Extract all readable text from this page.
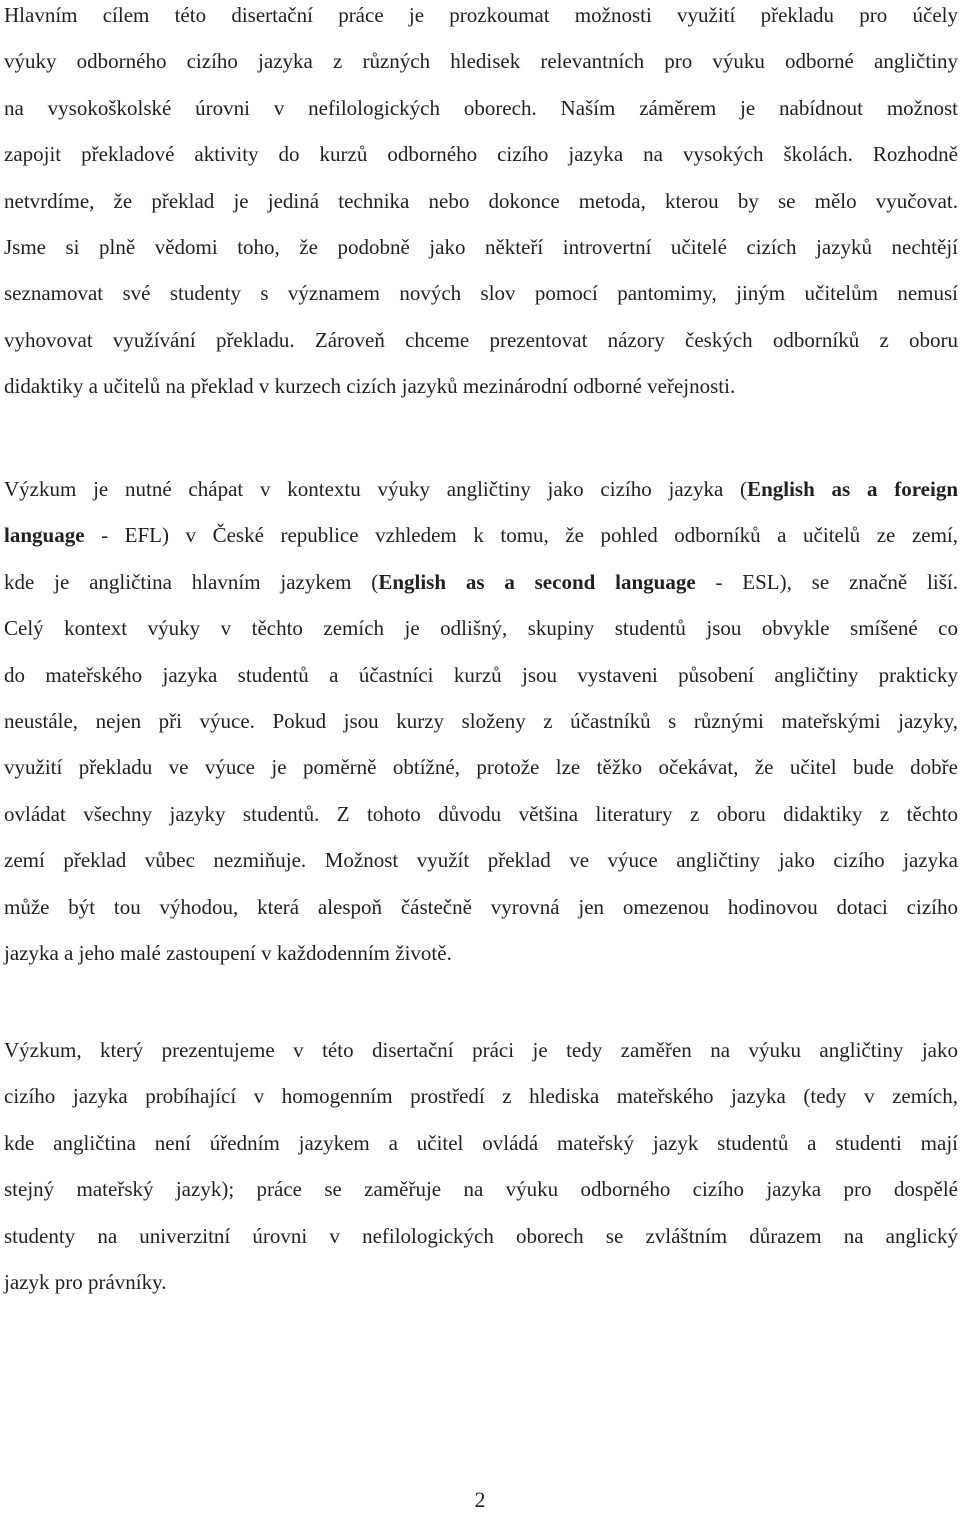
Hlavním cílem této disertační práce je prozkoumat možnosti využití překladu pro účely
výuky odborného cizího jazyka z různých hledisek relevantních pro výuku odborné angličtiny
na vysokoškolské úrovni v nefilologických oborech. Naším záměrem je nabídnout možnost
zapojit překladové aktivity do kurzů odborného cizího jazyka na vysokých školách. Rozhodně
netvrdíme, že překlad je jediná technika nebo dokonce metoda, kterou by se mělo vyučovat.
Jsme si plně vědomi toho, že podobně jako někteří introvertní učitelé cizích jazyků nechtějí
seznamovat své studenty s významem nových slov pomocí pantomimy, jiným učitelům nemusí
vyhovovat využívání překladu. Zároveň chceme prezentovat názory českých odborníků z oboru
didaktiky a učitelů na překlad v kurzech cizích jazyků mezinárodní odborné veřejnosti.
Výzkum je nutné chápat v kontextu výuky angličtiny jako cizího jazyka (English as a foreign
language - EFL) v České republice vzhledem k tomu, že pohled odborníků a učitelů ze zemí,
kde je angličtina hlavním jazykem (English as a second language - ESL), se značně liší.
Celý kontext výuky v těchto zemích je odlišný, skupiny studentů jsou obvykle smíšené co
do mateřského jazyka studentů a účastníci kurzů jsou vystaveni působení angličtiny prakticky
neustále, nejen při výuce. Pokud jsou kurzy složeny z účastníků s různými mateřskými jazyky,
využití překladu ve výuce je poměrně obtížné, protože lze těžko očekávat, že učitel bude dobře
ovládat všechny jazyky studentů. Z tohoto důvodu většina literatury z oboru didaktiky z těchto
zemí překlad vůbec nezmiňuje. Možnost využít překlad ve výuce angličtiny jako cizího jazyka
může být tou výhodou, která alespoň částečně vyrovná jen omezenou hodinovou dotaci cizího
jazyka a jeho malé zastoupení v každodenním životě.
Výzkum, který prezentujeme v této disertační práci je tedy zaměřen na výuku angličtiny jako
cizího jazyka probíhající v homogenním prostředí z hlediska mateřského jazyka (tedy v zemích,
kde angličtina není úředním jazykem a učitel ovládá mateřský jazyk studentů a studenti mají
stejný mateřský jazyk); práce se zaměřuje na výuku odborného cizího jazyka pro dospělé
studenty na univerzitní úrovni v nefilologických oborech se zvláštním důrazem na anglický
jazyk pro právníky.
2
